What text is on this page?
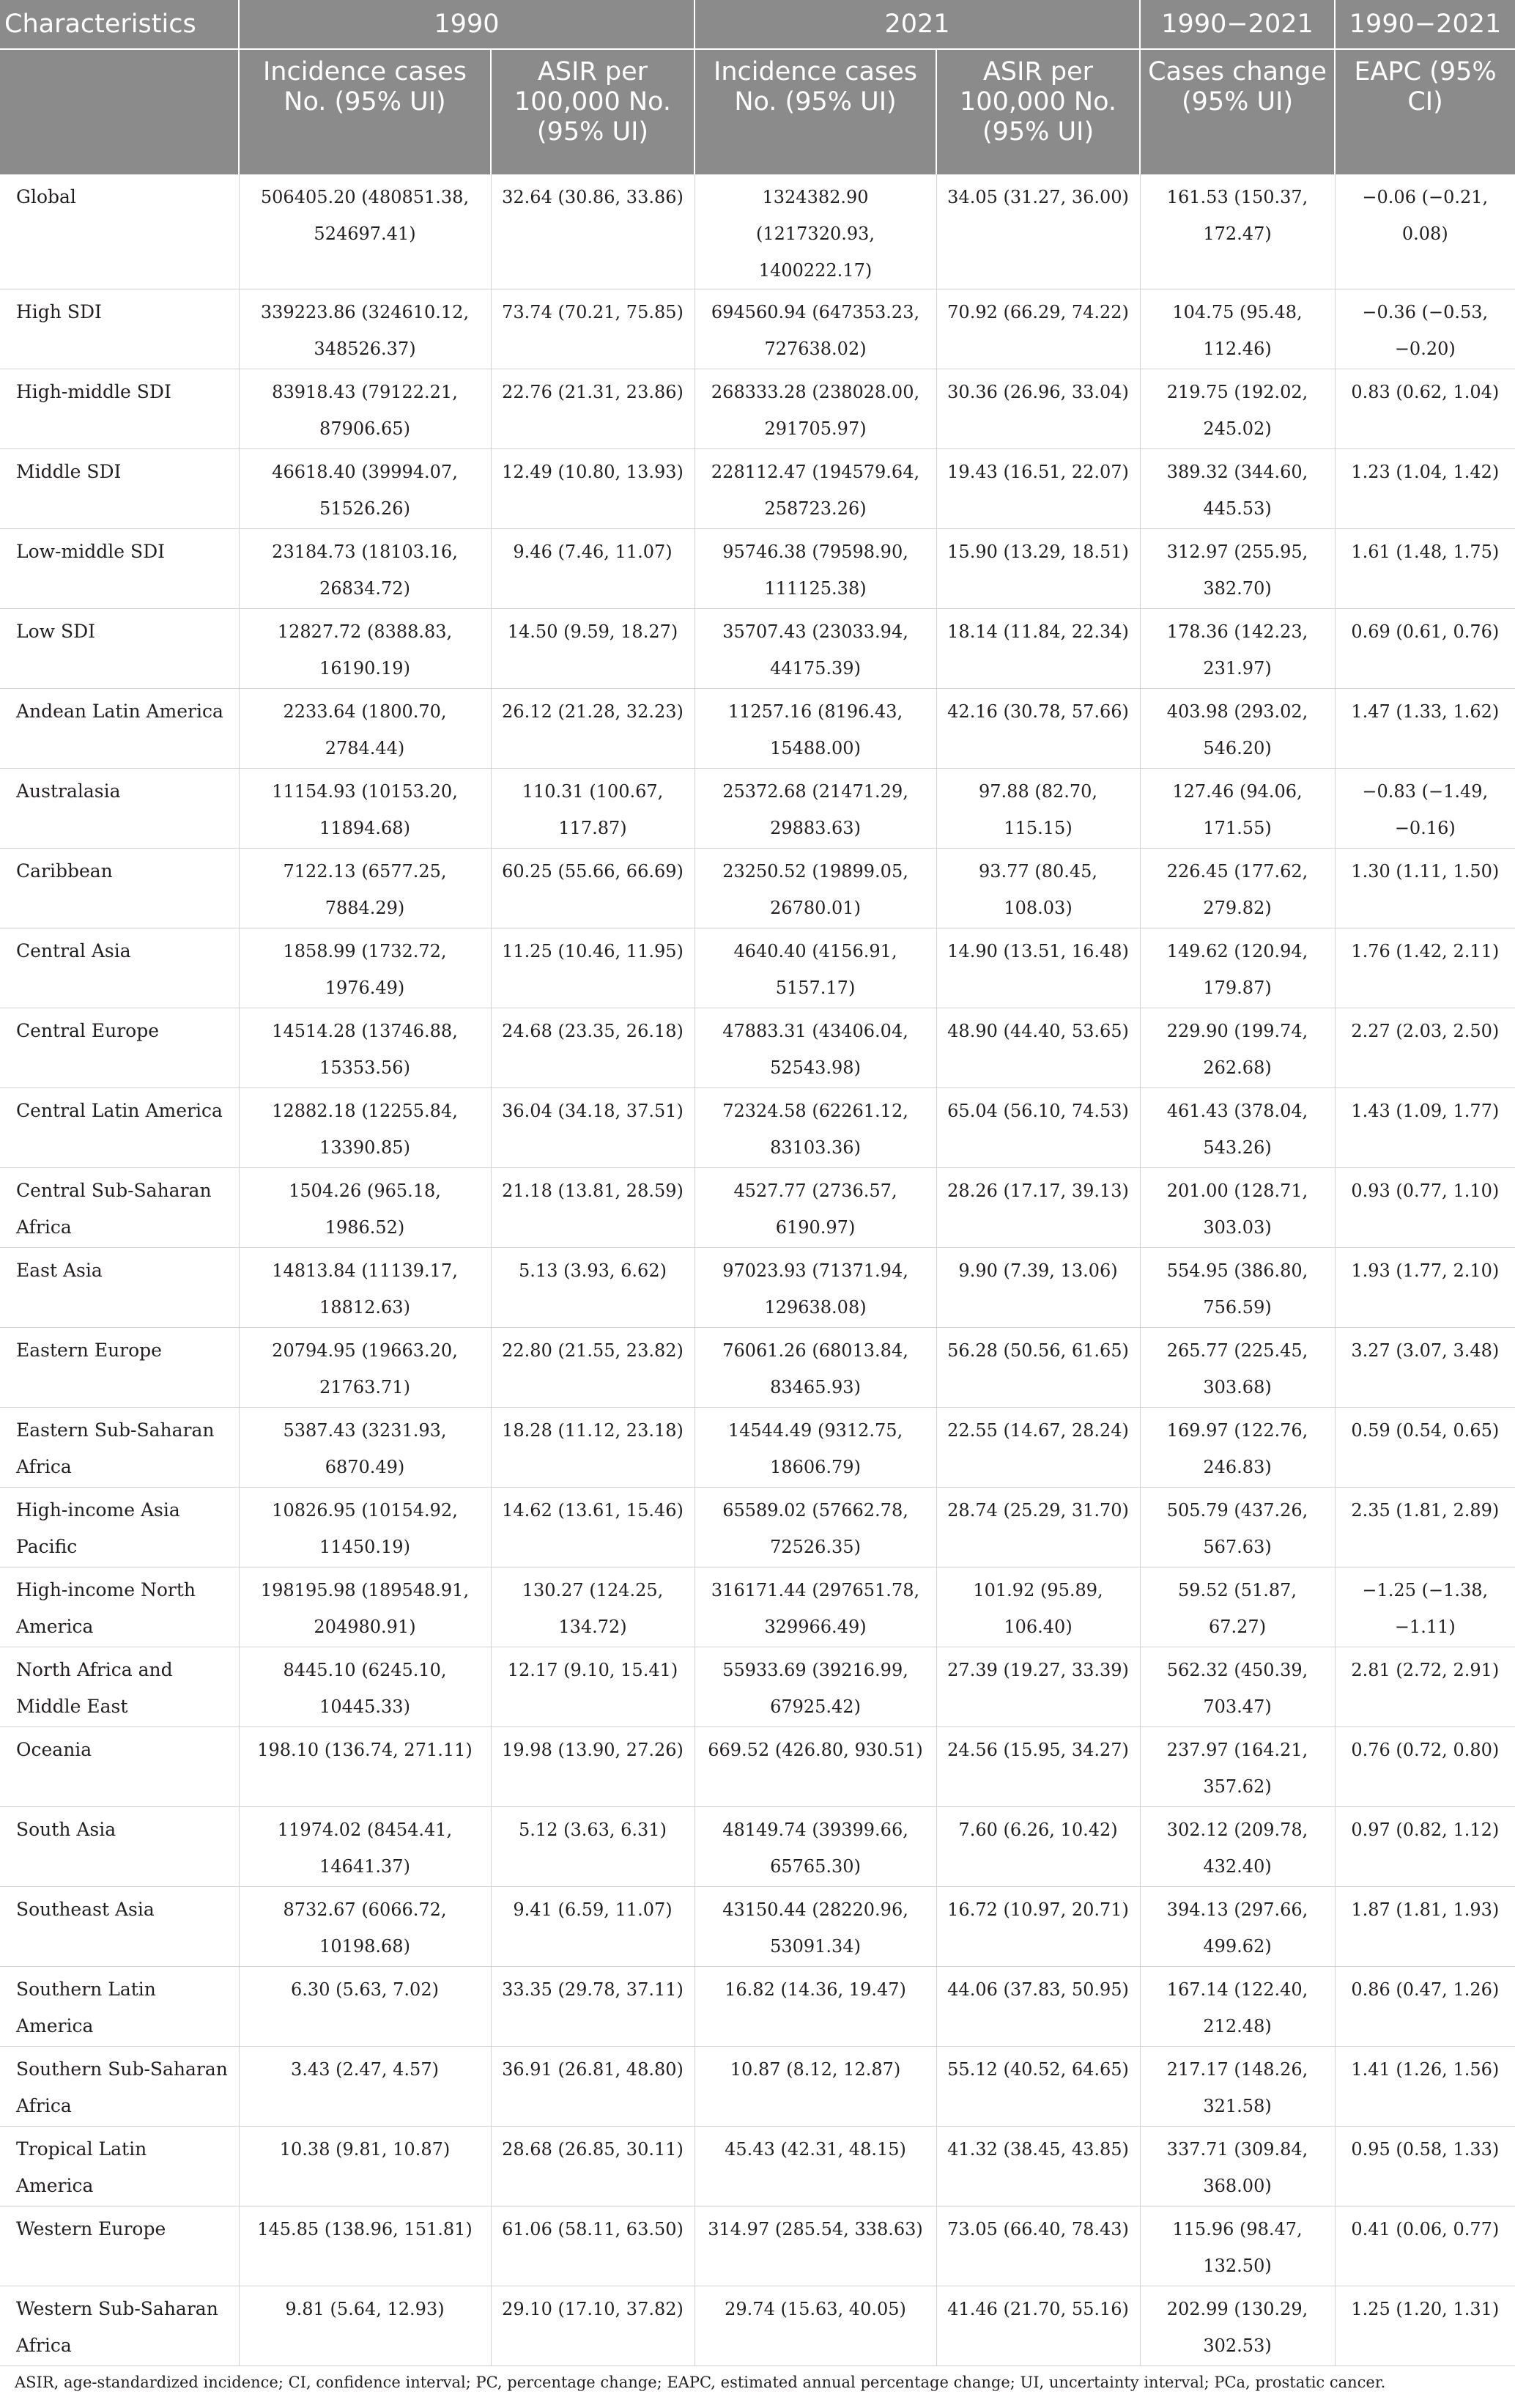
Characteristics	1990		2021		1990−2021	1990−2021
	Incidence cases No. (95% UI)	ASIR per 100,000 No. (95% UI)	Incidence cases No. (95% UI)	ASIR per 100,000 No. (95% UI)	Cases change (95% UI)	EAPC (95% CI)
Global	506405.20 (480851.38, 524697.41)	32.64 (30.86, 33.86)	1324382.90 (1217320.93, 1400222.17)	34.05 (31.27, 36.00)	161.53 (150.37, 172.47)	−0.06 (−0.21, 0.08)
High SDI	339223.86 (324610.12, 348526.37)	73.74 (70.21, 75.85)	694560.94 (647353.23, 727638.02)	70.92 (66.29, 74.22)	104.75 (95.48, 112.46)	−0.36 (−0.53, −0.20)
High-middle SDI	83918.43 (79122.21, 87906.65)	22.76 (21.31, 23.86)	268333.28 (238028.00, 291705.97)	30.36 (26.96, 33.04)	219.75 (192.02, 245.02)	0.83 (0.62, 1.04)
Middle SDI	46618.40 (39994.07, 51526.26)	12.49 (10.80, 13.93)	228112.47 (194579.64, 258723.26)	19.43 (16.51, 22.07)	389.32 (344.60, 445.53)	1.23 (1.04, 1.42)
Low-middle SDI	23184.73 (18103.16, 26834.72)	9.46 (7.46, 11.07)	95746.38 (79598.90, 111125.38)	15.90 (13.29, 18.51)	312.97 (255.95, 382.70)	1.61 (1.48, 1.75)
Low SDI	12827.72 (8388.83, 16190.19)	14.50 (9.59, 18.27)	35707.43 (23033.94, 44175.39)	18.14 (11.84, 22.34)	178.36 (142.23, 231.97)	0.69 (0.61, 0.76)
Andean Latin America	2233.64 (1800.70, 2784.44)	26.12 (21.28, 32.23)	11257.16 (8196.43, 15488.00)	42.16 (30.78, 57.66)	403.98 (293.02, 546.20)	1.47 (1.33, 1.62)
Australasia	11154.93 (10153.20, 11894.68)	110.31 (100.67, 117.87)	25372.68 (21471.29, 29883.63)	97.88 (82.70, 115.15)	127.46 (94.06, 171.55)	−0.83 (−1.49, −0.16)
Caribbean	7122.13 (6577.25, 7884.29)	60.25 (55.66, 66.69)	23250.52 (19899.05, 26780.01)	93.77 (80.45, 108.03)	226.45 (177.62, 279.82)	1.30 (1.11, 1.50)
Central Asia	1858.99 (1732.72, 1976.49)	11.25 (10.46, 11.95)	4640.40 (4156.91, 5157.17)	14.90 (13.51, 16.48)	149.62 (120.94, 179.87)	1.76 (1.42, 2.11)
Central Europe	14514.28 (13746.88, 15353.56)	24.68 (23.35, 26.18)	47883.31 (43406.04, 52543.98)	48.90 (44.40, 53.65)	229.90 (199.74, 262.68)	2.27 (2.03, 2.50)
Central Latin America	12882.18 (12255.84, 13390.85)	36.04 (34.18, 37.51)	72324.58 (62261.12, 83103.36)	65.04 (56.10, 74.53)	461.43 (378.04, 543.26)	1.43 (1.09, 1.77)
Central Sub-Saharan Africa	1504.26 (965.18, 1986.52)	21.18 (13.81, 28.59)	4527.77 (2736.57, 6190.97)	28.26 (17.17, 39.13)	201.00 (128.71, 303.03)	0.93 (0.77, 1.10)
East Asia	14813.84 (11139.17, 18812.63)	5.13 (3.93, 6.62)	97023.93 (71371.94, 129638.08)	9.90 (7.39, 13.06)	554.95 (386.80, 756.59)	1.93 (1.77, 2.10)
Eastern Europe	20794.95 (19663.20, 21763.71)	22.80 (21.55, 23.82)	76061.26 (68013.84, 83465.93)	56.28 (50.56, 61.65)	265.77 (225.45, 303.68)	3.27 (3.07, 3.48)
Eastern Sub-Saharan Africa	5387.43 (3231.93, 6870.49)	18.28 (11.12, 23.18)	14544.49 (9312.75, 18606.79)	22.55 (14.67, 28.24)	169.97 (122.76, 246.83)	0.59 (0.54, 0.65)
High-income Asia Pacific	10826.95 (10154.92, 11450.19)	14.62 (13.61, 15.46)	65589.02 (57662.78, 72526.35)	28.74 (25.29, 31.70)	505.79 (437.26, 567.63)	2.35 (1.81, 2.89)
High-income North America	198195.98 (189548.91, 204980.91)	130.27 (124.25, 134.72)	316171.44 (297651.78, 329966.49)	101.92 (95.89, 106.40)	59.52 (51.87, 67.27)	−1.25 (−1.38, −1.11)
North Africa and Middle East	8445.10 (6245.10, 10445.33)	12.17 (9.10, 15.41)	55933.69 (39216.99, 67925.42)	27.39 (19.27, 33.39)	562.32 (450.39, 703.47)	2.81 (2.72, 2.91)
Oceania	198.10 (136.74, 271.11)	19.98 (13.90, 27.26)	669.52 (426.80, 930.51)	24.56 (15.95, 34.27)	237.97 (164.21, 357.62)	0.76 (0.72, 0.80)
South Asia	11974.02 (8454.41, 14641.37)	5.12 (3.63, 6.31)	48149.74 (39399.66, 65765.30)	7.60 (6.26, 10.42)	302.12 (209.78, 432.40)	0.97 (0.82, 1.12)
Southeast Asia	8732.67 (6066.72, 10198.68)	9.41 (6.59, 11.07)	43150.44 (28220.96, 53091.34)	16.72 (10.97, 20.71)	394.13 (297.66, 499.62)	1.87 (1.81, 1.93)
Southern Latin America	6.30 (5.63, 7.02)	33.35 (29.78, 37.11)	16.82 (14.36, 19.47)	44.06 (37.83, 50.95)	167.14 (122.40, 212.48)	0.86 (0.47, 1.26)
Southern Sub-Saharan Africa	3.43 (2.47, 4.57)	36.91 (26.81, 48.80)	10.87 (8.12, 12.87)	55.12 (40.52, 64.65)	217.17 (148.26, 321.58)	1.41 (1.26, 1.56)
Tropical Latin America	10.38 (9.81, 10.87)	28.68 (26.85, 30.11)	45.43 (42.31, 48.15)	41.32 (38.45, 43.85)	337.71 (309.84, 368.00)	0.95 (0.58, 1.33)
Western Europe	145.85 (138.96, 151.81)	61.06 (58.11, 63.50)	314.97 (285.54, 338.63)	73.05 (66.40, 78.43)	115.96 (98.47, 132.50)	0.41 (0.06, 0.77)
Western Sub-Saharan Africa	9.81 (5.64, 12.93)	29.10 (17.10, 37.82)	29.74 (15.63, 40.05)	41.46 (21.70, 55.16)	202.99 (130.29, 302.53)	1.25 (1.20, 1.31)
ASIR, age-standardized incidence; CI, confidence interval; PC, percentage change; EAPC, estimated annual percentage change; UI, uncertainty interval; PCa, prostatic cancer.
